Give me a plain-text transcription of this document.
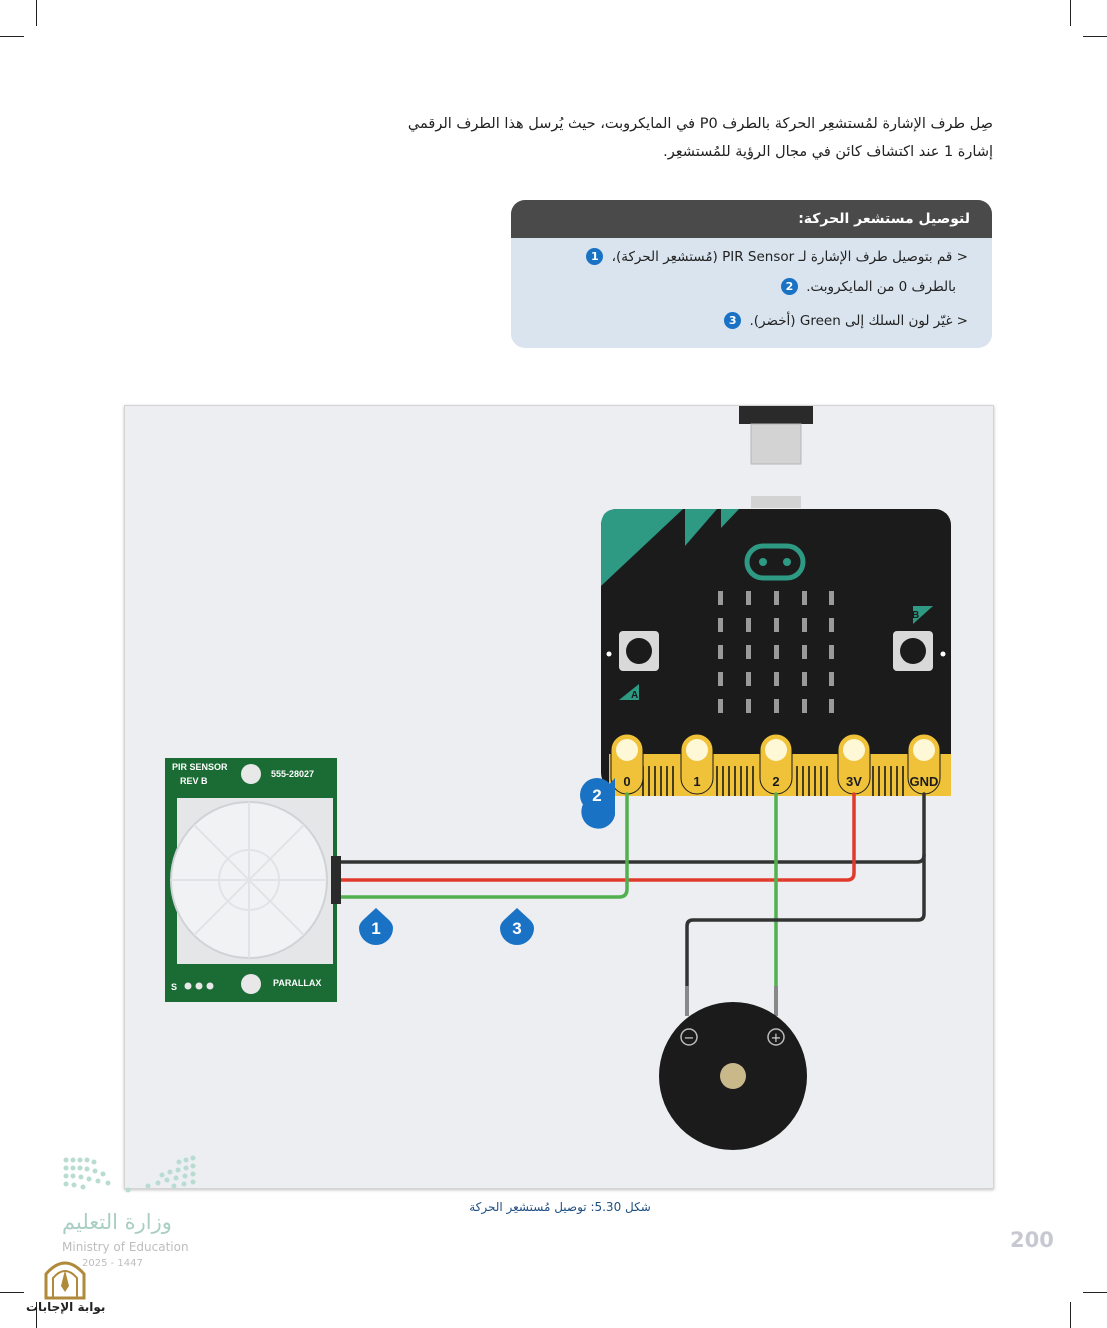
صِل طرف الإشارة لمُستشعِر الحركة بالطرف P0 في المايكروبت، حيث يُرسل هذا الطرف الرقمي
إشارة 1 عند اكتشاف كائن في مجال الرؤية للمُستشعِر.
لتوصيل مستشعر الحركة:
< قم بتوصيل طرف الإشارة لـ PIR Sensor (مُستشعِر الحركة)، 1
بالطرف 0 من المايكروبت. 2
< غيّر لون السلك إلى Green (أخضر). 3
A
B
0	1	2	3V	GND
PIR SENSOR
REV B
555-28027
PARALLAX
S
−	+
1
2
3
شكل 5.30: توصيل مُستشعِر الحركة
200
وزارة التعليم
Ministry of Education
2025 - 1447
بوابة الإجابات
